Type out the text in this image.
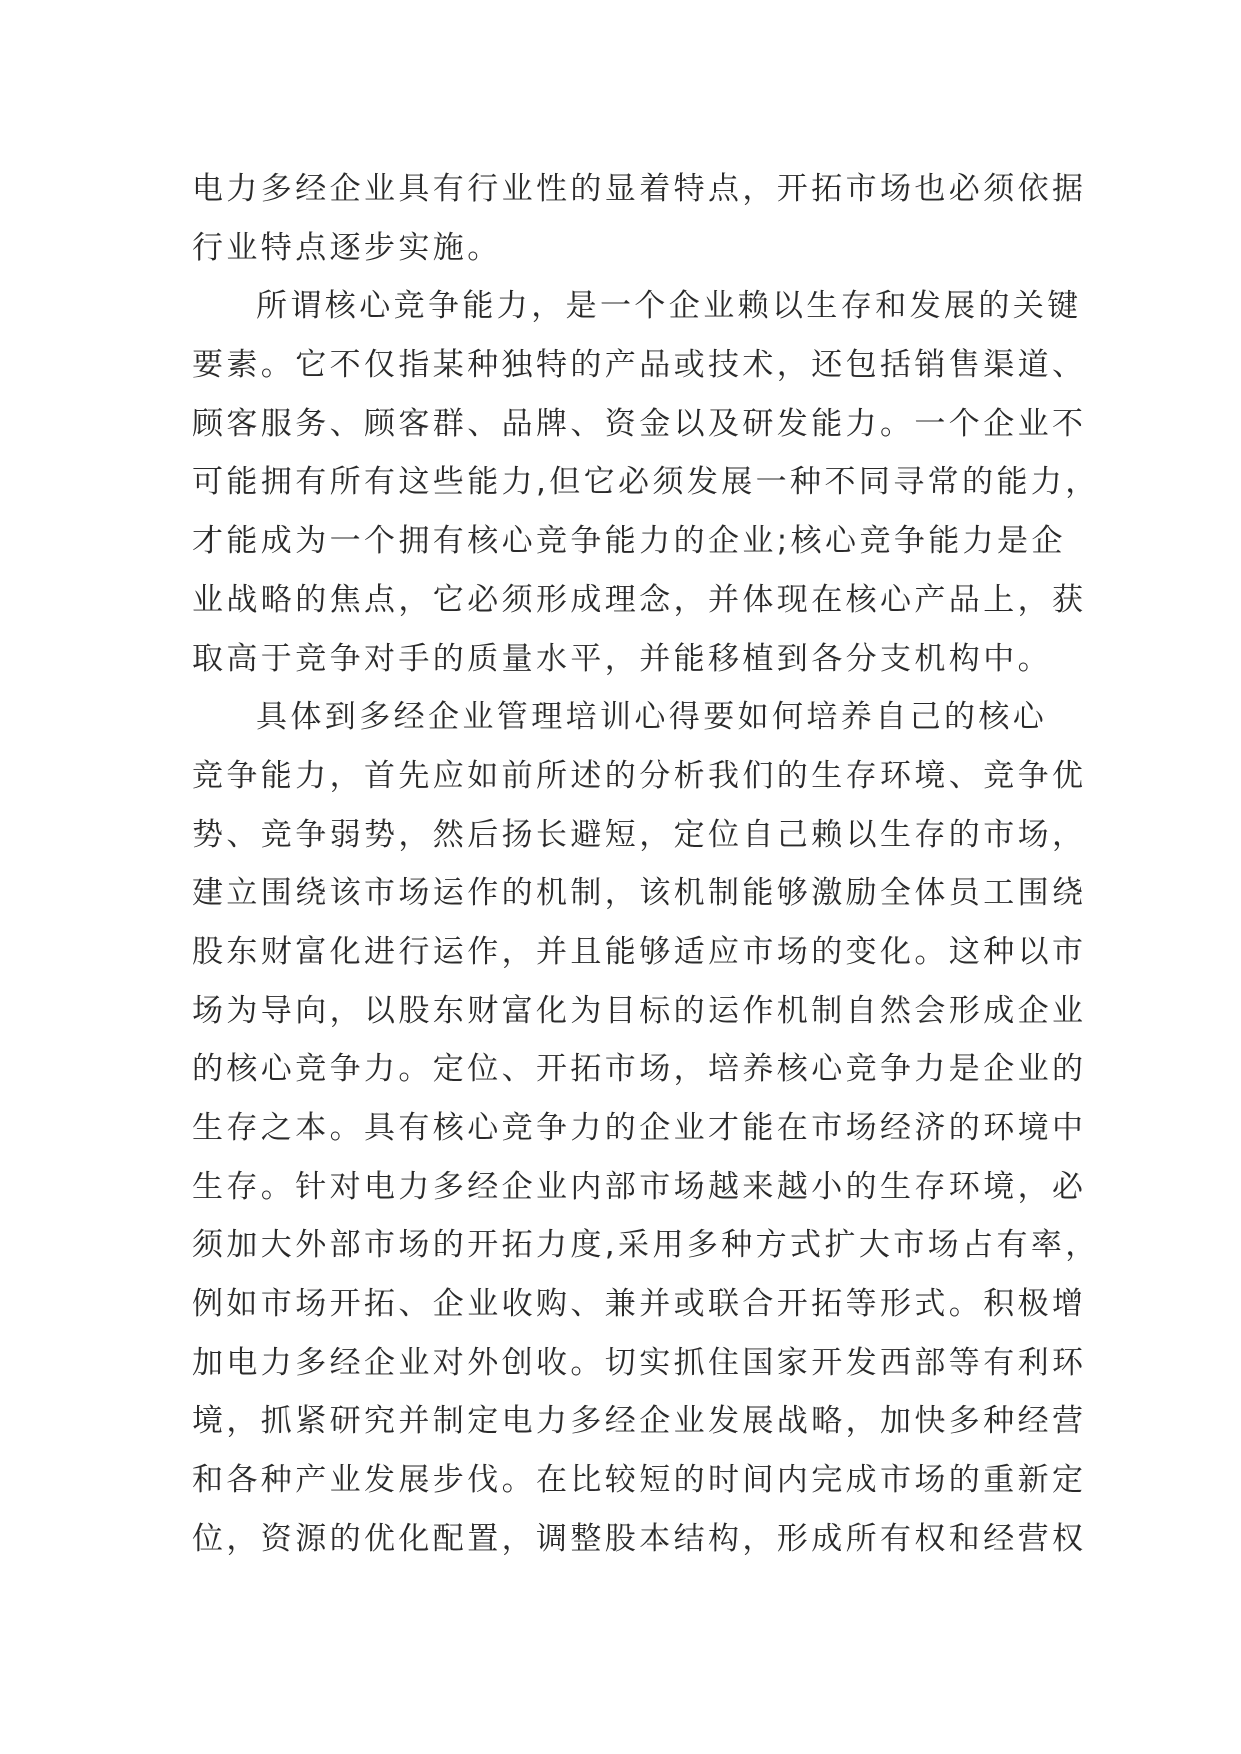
电力多经企业具有行业性的显着特点，开拓市场也必须依据
行业特点逐步实施。
所谓核心竞争能力，是一个企业赖以生存和发展的关键
要素。它不仅指某种独特的产品或技术，还包括销售渠道、
顾客服务、顾客群、品牌、资金以及研发能力。一个企业不
可能拥有所有这些能力,但它必须发展一种不同寻常的能力，
才能成为一个拥有核心竞争能力的企业;核心竞争能力是企
业战略的焦点，它必须形成理念，并体现在核心产品上，获
取高于竞争对手的质量水平，并能移植到各分支机构中。
具体到多经企业管理培训心得要如何培养自己的核心
竞争能力，首先应如前所述的分析我们的生存环境、竞争优
势、竞争弱势，然后扬长避短，定位自己赖以生存的市场，
建立围绕该市场运作的机制，该机制能够激励全体员工围绕
股东财富化进行运作，并且能够适应市场的变化。这种以市
场为导向，以股东财富化为目标的运作机制自然会形成企业
的核心竞争力。定位、开拓市场，培养核心竞争力是企业的
生存之本。具有核心竞争力的企业才能在市场经济的环境中
生存。针对电力多经企业内部市场越来越小的生存环境，必
须加大外部市场的开拓力度,采用多种方式扩大市场占有率，
例如市场开拓、企业收购、兼并或联合开拓等形式。积极增
加电力多经企业对外创收。切实抓住国家开发西部等有利环
境，抓紧研究并制定电力多经企业发展战略，加快多种经营
和各种产业发展步伐。在比较短的时间内完成市场的重新定
位，资源的优化配置，调整股本结构，形成所有权和经营权
